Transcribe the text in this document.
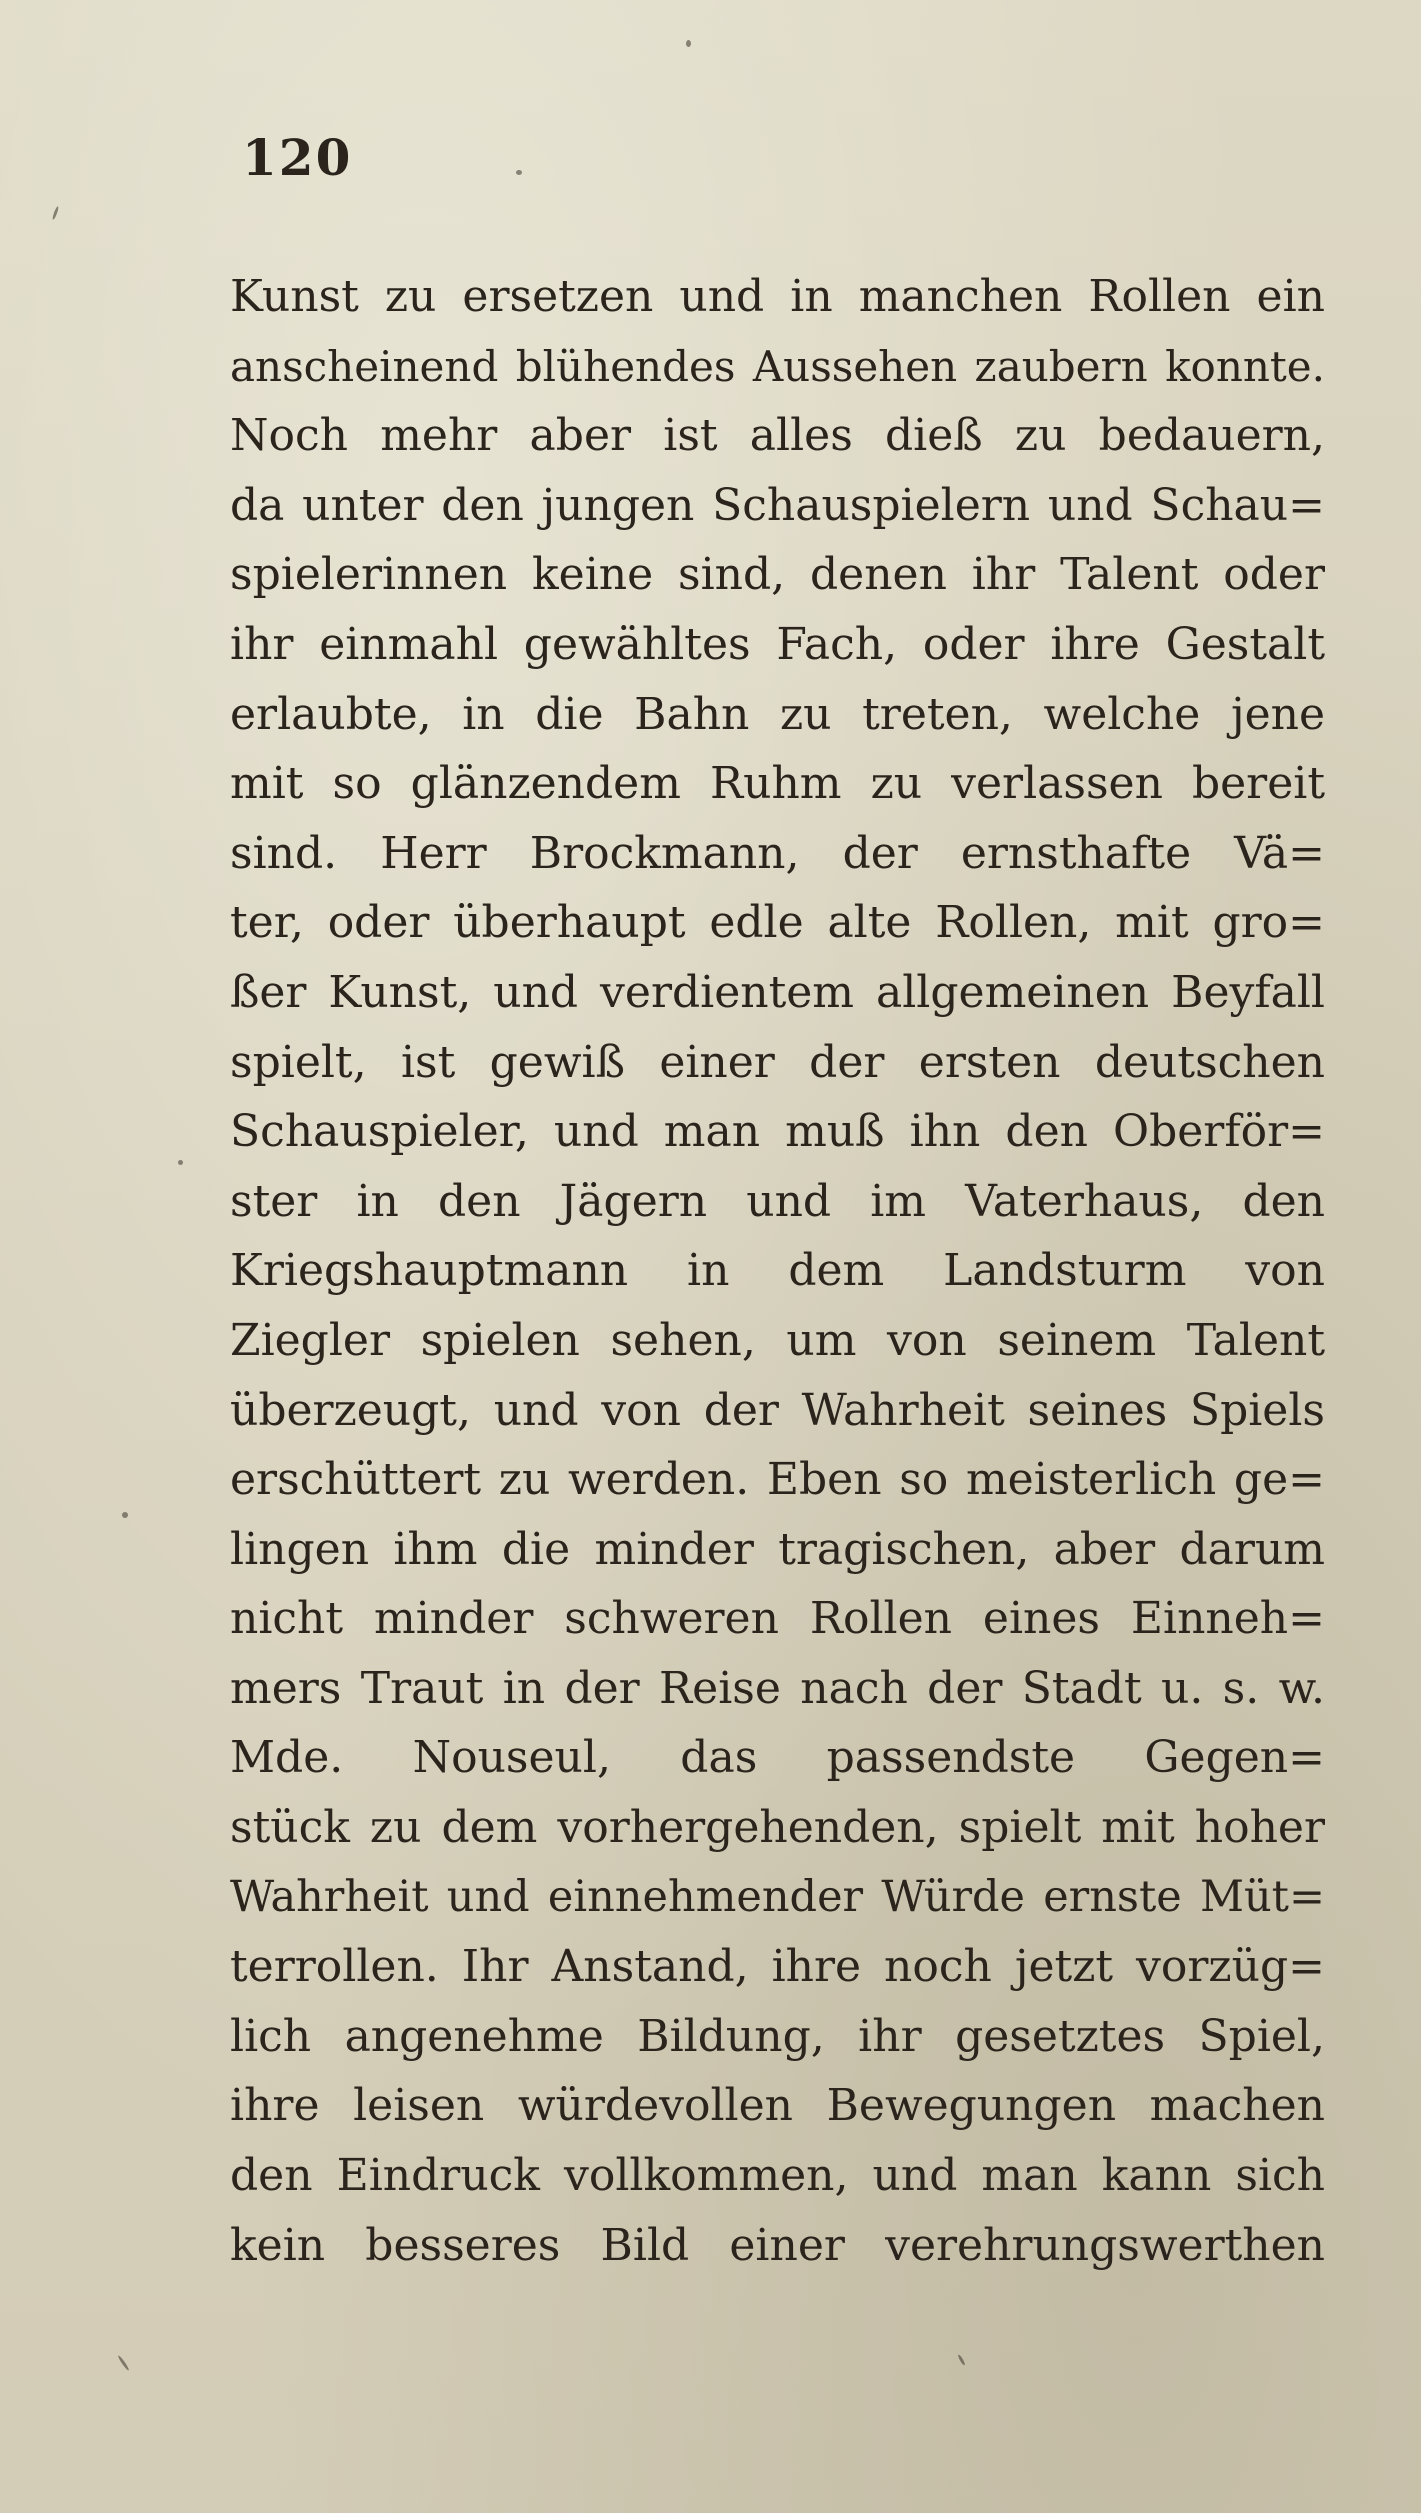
120
Kunst zu ersetzen und in manchen Rollen ein
anscheinend blühendes Aussehen zaubern konnte.
Noch mehr aber ist alles dieß zu bedauern,
da unter den jungen Schauspielern und Schau=
spielerinnen keine sind, denen ihr Talent oder
ihr einmahl gewähltes Fach, oder ihre Gestalt
erlaubte, in die Bahn zu treten, welche jene
mit so glänzendem Ruhm zu verlassen bereit
sind. Herr Brockmann, der ernsthafte Vä=
ter, oder überhaupt edle alte Rollen, mit gro=
ßer Kunst, und verdientem allgemeinen Beyfall
spielt, ist gewiß einer der ersten deutschen
Schauspieler, und man muß ihn den Oberför=
ster in den Jägern und im Vaterhaus, den
Kriegshauptmann in dem Landsturm von
Ziegler spielen sehen, um von seinem Talent
überzeugt, und von der Wahrheit seines Spiels
erschüttert zu werden. Eben so meisterlich ge=
lingen ihm die minder tragischen, aber darum
nicht minder schweren Rollen eines Einneh=
mers Traut in der Reise nach der Stadt u. s. w.
Mde. Nouseul, das passendste Gegen=
stück zu dem vorhergehenden, spielt mit hoher
Wahrheit und einnehmender Würde ernste Müt=
terrollen. Ihr Anstand, ihre noch jetzt vorzüg=
lich angenehme Bildung, ihr gesetztes Spiel,
ihre leisen würdevollen Bewegungen machen
den Eindruck vollkommen, und man kann sich
kein besseres Bild einer verehrungswerthen
